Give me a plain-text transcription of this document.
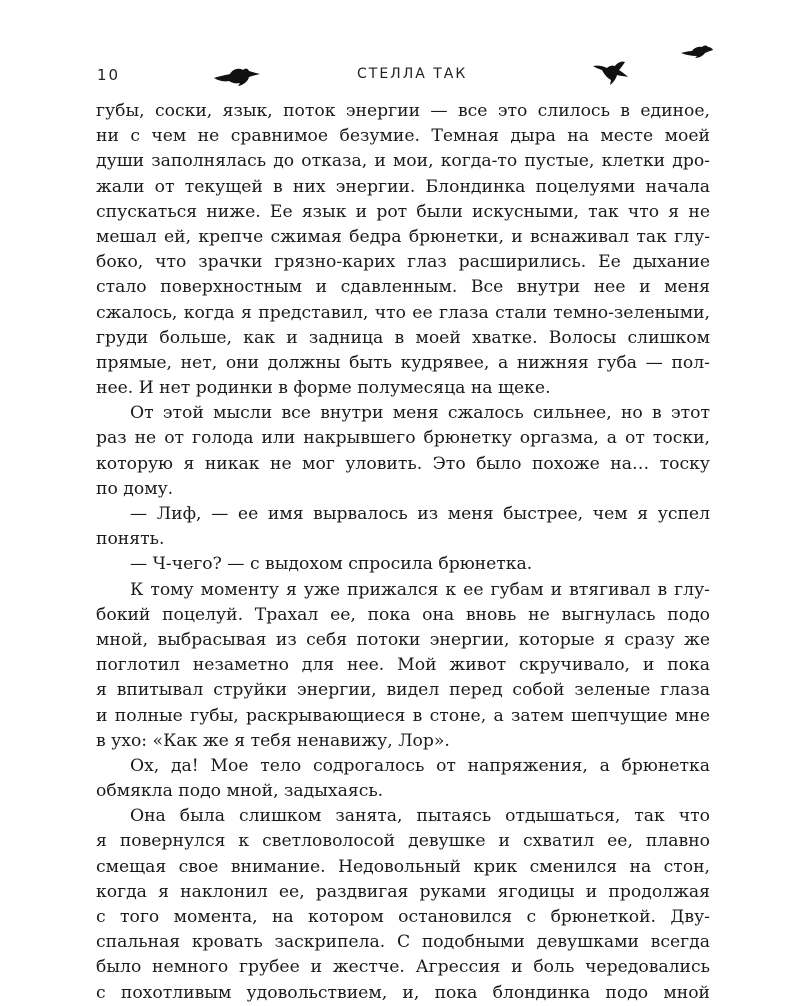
10	СТЕЛЛА ТАК
губы, соски, язык, поток энергии — все это слилось в единое,
ни с чем не сравнимое безумие. Темная дыра на месте моей
души заполнялась до отказа, и мои, когда-то пустые, клетки дро-
жали от текущей в них энергии. Блондинка поцелуями начала
спускаться ниже. Ее язык и рот были искусными, так что я не
мешал ей, крепче сжимая бедра брюнетки, и вснаживал так глу-
боко, что зрачки грязно-карих глаз расширились. Ее дыхание
стало поверхностным и сдавленным. Все внутри нее и меня
сжалось, когда я представил, что ее глаза стали темно-зелеными,
груди больше, как и задница в моей хватке. Волосы слишком
прямые, нет, они должны быть кудрявее, а нижняя губа — пол-
нее. И нет родинки в форме полумесяца на щеке.
От этой мысли все внутри меня сжалось сильнее, но в этот
раз не от голода или накрывшего брюнетку оргазма, а от тоски,
которую я никак не мог уловить. Это было похоже на… тоску
по дому.
— Лиф, — ее имя вырвалось из меня быстрее, чем я успел
понять.
— Ч-чего? — с выдохом спросила брюнетка.
К тому моменту я уже прижался к ее губам и втягивал в глу-
бокий поцелуй. Трахал ее, пока она вновь не выгнулась подо
мной, выбрасывая из себя потоки энергии, которые я сразу же
поглотил незаметно для нее. Мой живот скручивало, и пока
я впитывал струйки энергии, видел перед собой зеленые глаза
и полные губы, раскрывающиеся в стоне, а затем шепчущие мне
в ухо: «Как же я тебя ненавижу, Лор».
Ох, да! Мое тело содрогалось от напряжения, а брюнетка
обмякла подо мной, задыхаясь.
Она была слишком занята, пытаясь отдышаться, так что
я повернулся к светловолосой девушке и схватил ее, плавно
смещая свое внимание. Недовольный крик сменился на стон,
когда я наклонил ее, раздвигая руками ягодицы и продолжая
с того момента, на котором остановился с брюнеткой. Дву-
спальная кровать заскрипела. С подобными девушками всегда
было немного грубее и жестче. Агрессия и боль чередовались
с похотливым удовольствием, и, пока блондинка подо мной
